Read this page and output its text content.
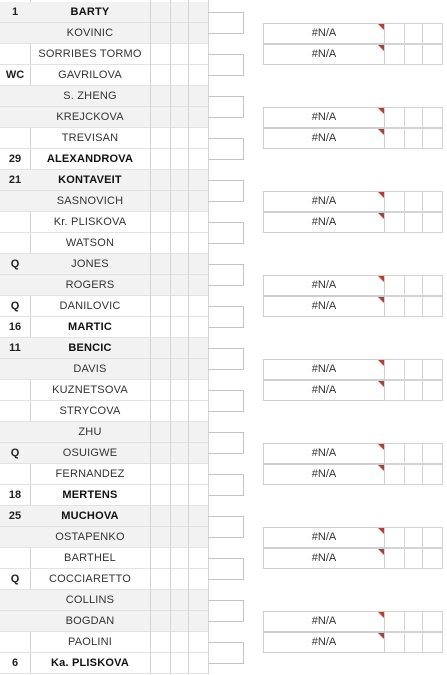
1	BARTY
KOVINIC
SORRIBES TORMO
WC	GAVRILOVA
S. ZHENG
KREJCKOVA
TREVISAN
29	ALEXANDROVA
21	KONTAVEIT
SASNOVICH
Kr. PLISKOVA
WATSON
Q	JONES
ROGERS
Q	DANILOVIC
16	MARTIC
11	BENCIC
DAVIS
KUZNETSOVA
STRYCOVA
ZHU
Q	OSUIGWE
FERNANDEZ
18	MERTENS
25	MUCHOVA
OSTAPENKO
BARTHEL
Q	COCCIARETTO
COLLINS
BOGDAN
PAOLINI
6	Ka. PLISKOVA
#N/A
#N/A
#N/A
#N/A
#N/A
#N/A
#N/A
#N/A
#N/A
#N/A
#N/A
#N/A
#N/A
#N/A
#N/A
#N/A
